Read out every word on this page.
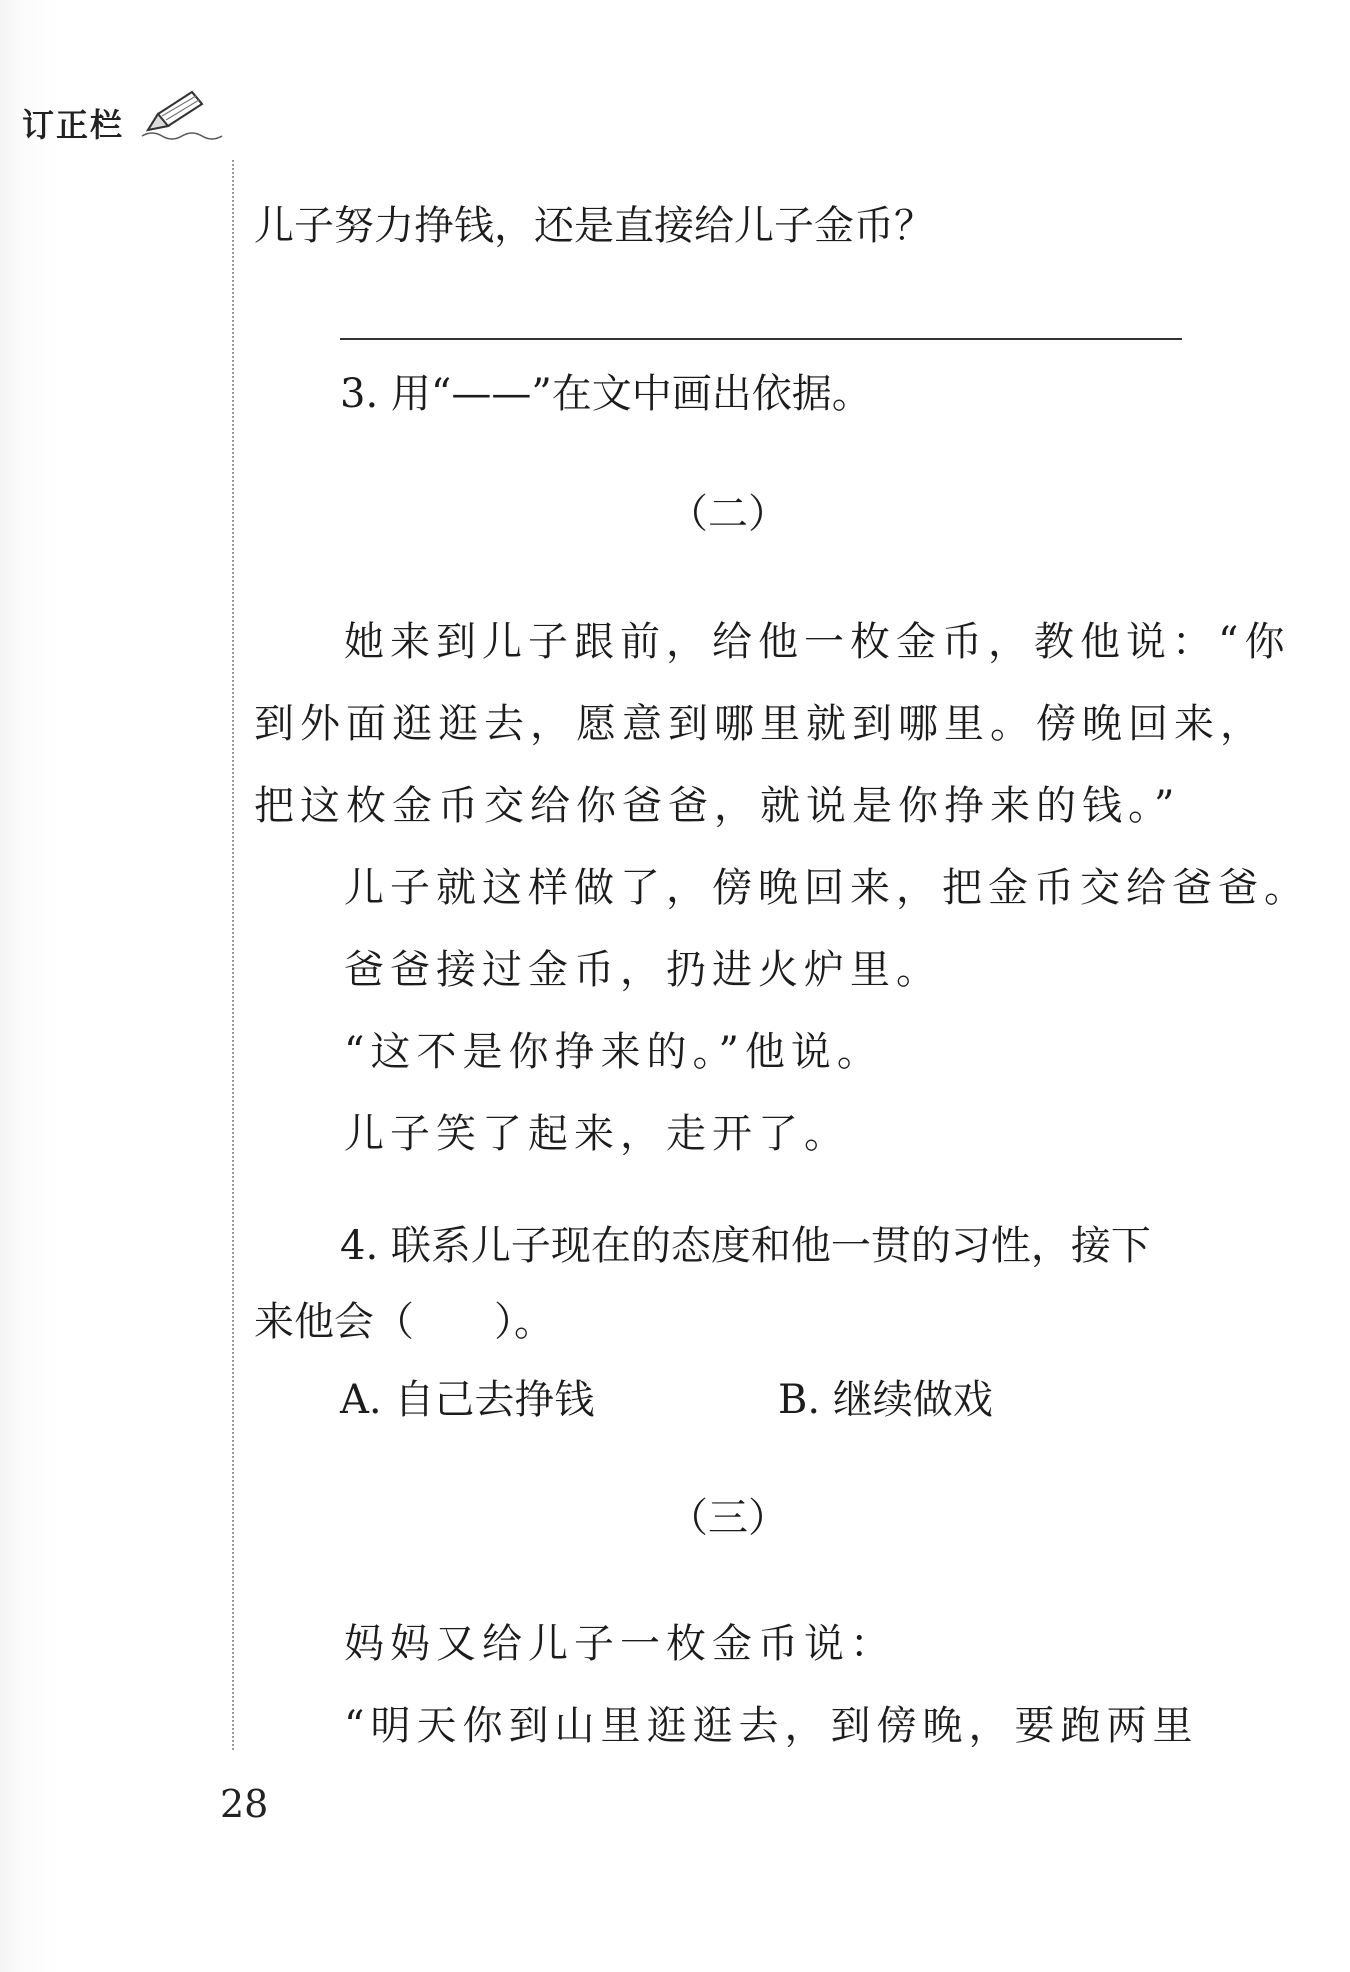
订正栏
儿子努力挣钱，还是直接给儿子金币？
3. 用“——”在文中画出依据。
（二）
她来到儿子跟前，给他一枚金币，教他说：“你
到外面逛逛去，愿意到哪里就到哪里。傍晚回来，
把这枚金币交给你爸爸，就说是你挣来的钱。”
儿子就这样做了，傍晚回来，把金币交给爸爸。
爸爸接过金币，扔进火炉里。
“这不是你挣来的。”他说。
儿子笑了起来，走开了。
4. 联系儿子现在的态度和他一贯的习性，接下
来他会（　　）。
A. 自己去挣钱	B. 继续做戏
（三）
妈妈又给儿子一枚金币说：
“明天你到山里逛逛去，到傍晚，要跑两里
28
